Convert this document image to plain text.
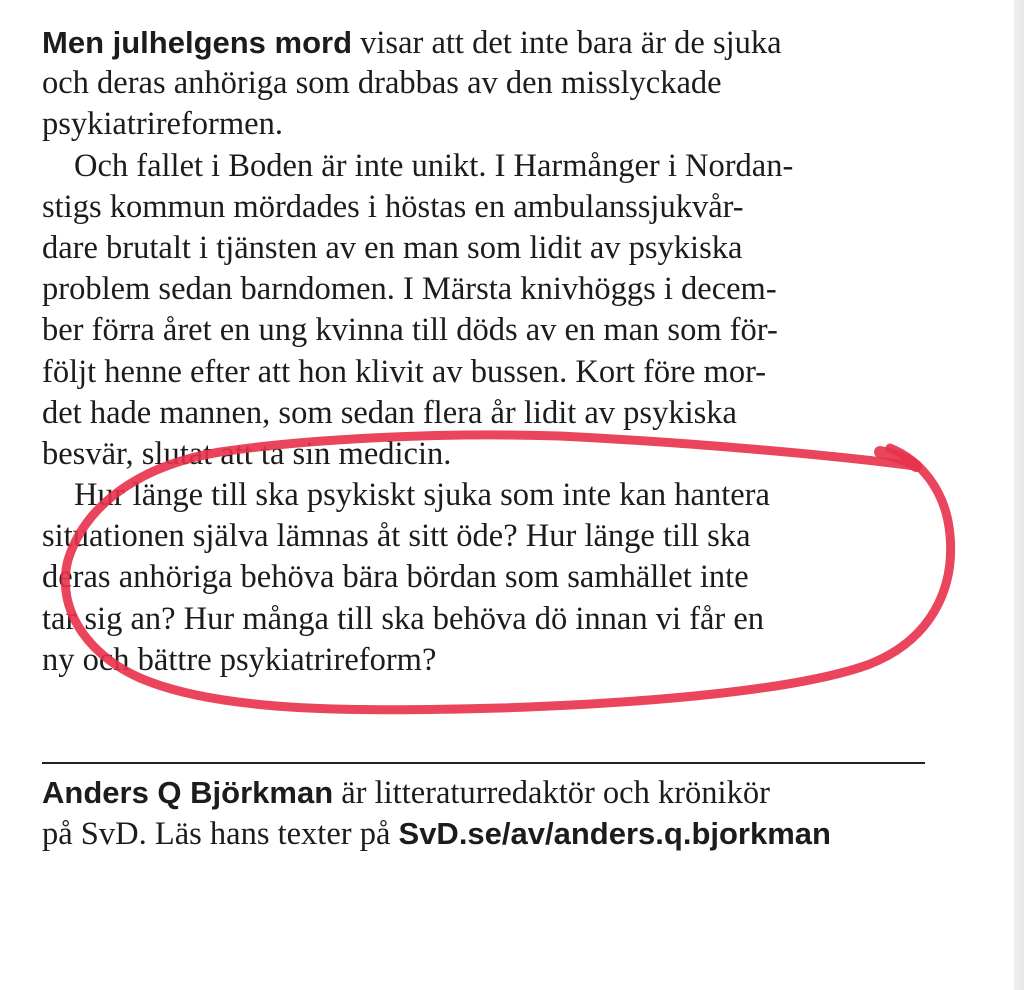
Men julhelgens mord visar att det inte bara är de sjuka
och deras anhöriga som drabbas av den misslyckade
psykiatrireformen.
Och fallet i Boden är inte unikt. I Harmånger i Nordan-
stigs kommun mördades i höstas en ambulanssjukvår-
dare brutalt i tjänsten av en man som lidit av psykiska
problem sedan barndomen. I Märsta knivhöggs i decem-
ber förra året en ung kvinna till döds av en man som för-
följt henne efter att hon klivit av bussen. Kort före mor-
det hade mannen, som sedan flera år lidit av psykiska
besvär, slutat att ta sin medicin.
Hur länge till ska psykiskt sjuka som inte kan hantera
situationen själva lämnas åt sitt öde? Hur länge till ska
deras anhöriga behöva bära bördan som samhället inte
tar sig an? Hur många till ska behöva dö innan vi får en
ny och bättre psykiatrireform?
Anders Q Björkman är litteraturredaktör och krönikör
på SvD. Läs hans texter på SvD.se/av/anders.q.bjorkman
